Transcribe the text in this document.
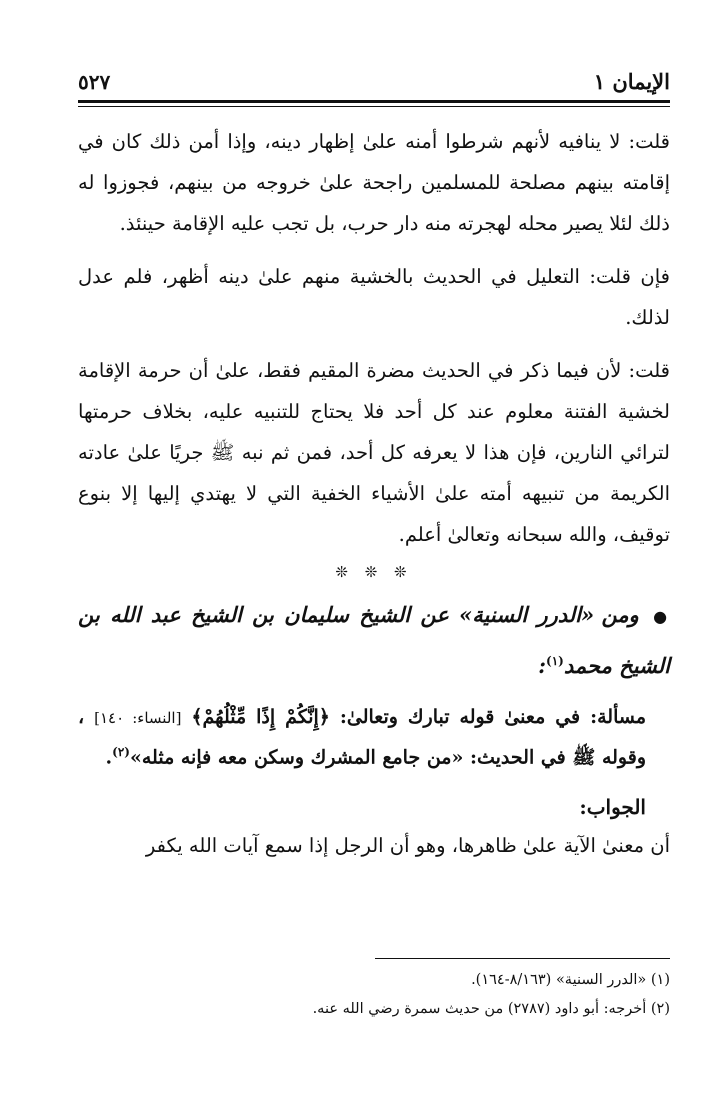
الإيمان ١
٥٢٧

قلت: لا ينافيه لأنهم شرطوا أمنه علىٰ إظهار دينه، وإذا أمن ذلك كان في إقامته بينهم مصلحة للمسلمين راجحة علىٰ خروجه من بينهم، فجوزوا له ذلك لئلا يصير محله لهجرته منه دار حرب، بل تجب عليه الإقامة حينئذ.

فإن قلت: التعليل في الحديث بالخشية منهم علىٰ دينه أظهر، فلم عدل لذلك.

قلت: لأن فيما ذكر في الحديث مضرة المقيم فقط، علىٰ أن حرمة الإقامة لخشية الفتنة معلوم عند كل أحد فلا يحتاج للتنبيه عليه، بخلاف حرمتها لترائي النارين، فإن هذا لا يعرفه كل أحد، فمن ثم نبه ﷺ جريًا علىٰ عادته الكريمة من تنبيهه أمته علىٰ الأشياء الخفية التي لا يهتدي إليها إلا بنوع توقيف، والله سبحانه وتعالىٰ أعلم.

❊ ❊ ❊
● ومن «الدرر السنية» عن الشيخ سليمان بن الشيخ عبد الله بن الشيخ محمد$^{(١)}$:
مسألة: في معنىٰ قوله تبارك وتعالىٰ: ﴿إِنَّكُمْ إِذًا مِّثْلُهُمْ﴾ [النساء: ١٤٠] ، وقوله ﷺ في الحديث: «من جامع المشرك وسكن معه فإنه مثله»$^{(٢)}$.
الجواب:
أن معنىٰ الآية علىٰ ظاهرها، وهو أن الرجل إذا سمع آيات الله يكفر

(١) «الدرر السنية» (٨/١٦٣-١٦٤).

(٢) أخرجه: أبو داود (٢٧٨٧) من حديث سمرة رضي الله عنه.
